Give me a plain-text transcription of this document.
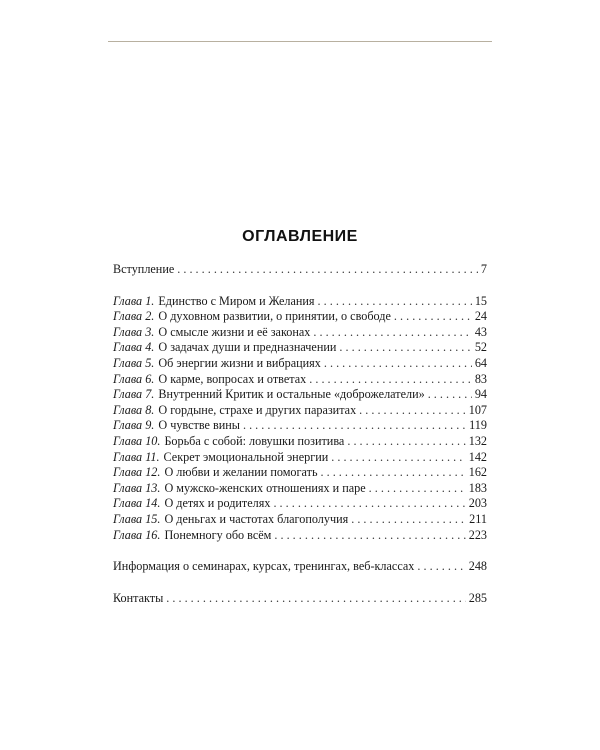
ОГЛАВЛЕНИЕ
Вступление . . .	7
Глава 1. Единство с Миром и Желания . . .	15
Глава 2. О духовном развитии, о принятии, о свободе . . .	24
Глава 3. О смысле жизни и её законах . . .	43
Глава 4. О задачах души и предназначении . . .	52
Глава 5. Об энергии жизни и вибрациях . . .	64
Глава 6. О карме, вопросах и ответах . . .	83
Глава 7. Внутренний Критик и остальные «доброжелатели» . . .	94
Глава 8. О гордыне, страхе и других паразитах . . .	107
Глава 9. О чувстве вины . . .	119
Глава 10. Борьба с собой: ловушки позитива . . .	132
Глава 11. Секрет эмоциональной энергии . . .	142
Глава 12. О любви и желании помогать . . .	162
Глава 13. О мужско-женских отношениях и паре . . .	183
Глава 14. О детях и родителях . . .	203
Глава 15. О деньгах и частотах благополучия . . .	211
Глава 16. Понемногу обо всём . . .	223
Информация о семинарах, курсах, тренингах, веб-классах . . .	248
Контакты . . .	285
